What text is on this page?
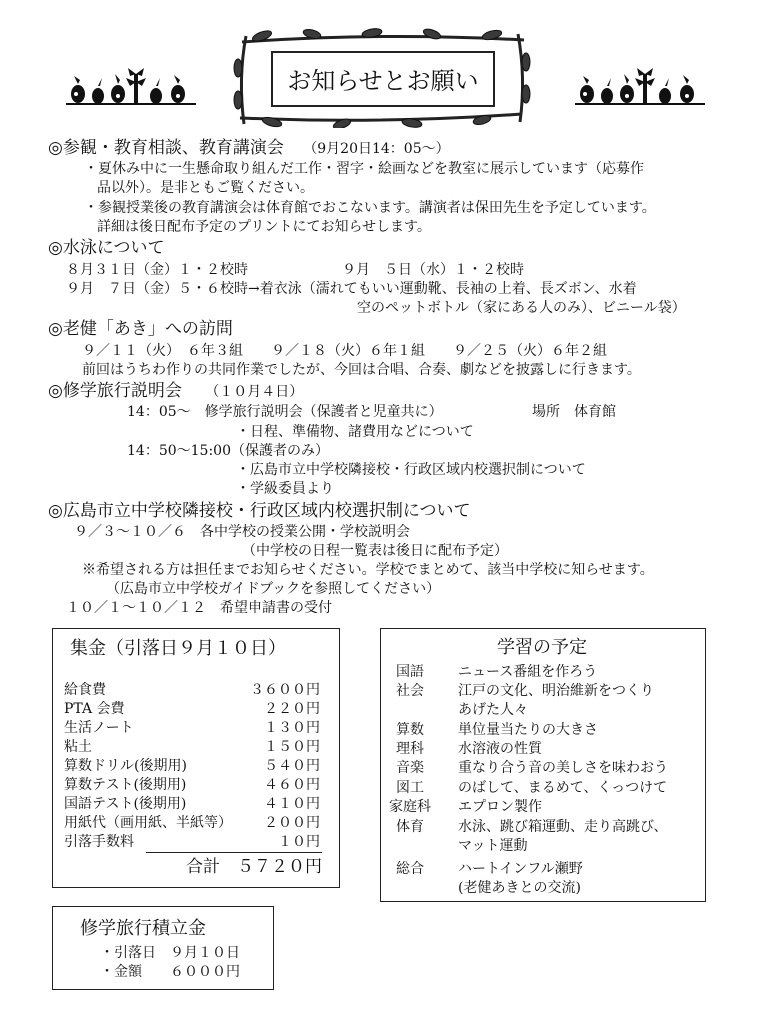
お知らせとお願い
◎参観・教育相談、教育講演会 （9月20日14：05～）
・夏休み中に一生懸命取り組んだ工作・習字・絵画などを教室に展示しています（応募作
品以外）。是非ともご覧ください。
・参観授業後の教育講演会は体育館でおこないます。講演者は保田先生を予定しています。
詳細は後日配布予定のプリントにてお知らせします。
◎水泳について
８月３１日（金）１・２校時	９月　５日（水）１・２校時
９月　７日（金）５・６校時→着衣泳（濡れてもいい運動靴、長袖の上着、長ズボン、水着
空のペットボトル（家にある人のみ）、ビニール袋）
◎老健「あき」への訪問
９／１１（火）　６年３組　　９／１８（火）６年１組　　９／２５（火）６年２組
前回はうちわ作りの共同作業でしたが、今回は合唱、合奏、劇などを披露しに行きます。
◎修学旅行説明会 （１０月４日）
14：05～　修学旅行説明会（保護者と児童共に）	場所　体育館
・日程、準備物、諸費用などについて
14：50～15:00（保護者のみ）
・広島市立中学校隣接校・行政区域内校選択制について
・学級委員より
◎広島市立中学校隣接校・行政区域内校選択制について
９／３～１０／６　各中学校の授業公開・学校説明会
（中学校の日程一覧表は後日に配布予定）
※希望される方は担任までお知らせください。学校でまとめて、該当中学校に知らせます。
（広島市立中学校ガイドブックを参照してください）
１０／１～１０／１２　希望申請書の受付
集金（引落日９月１０日）
給食費	３６００円
PTA 会費	２２０円
生活ノート	１３０円
粘土	１５０円
算数ドリル(後期用)	５４０円
算数テスト(後期用)	４６０円
国語テスト(後期用)	４１０円
用紙代（画用紙、半紙等）	２００円
引落手数料	１０円
合計　５７２０円
修学旅行積立金
・引落日　９月１０日
・金額　　６０００円
学習の予定
国語	ニュース番組を作ろう
社会	江戸の文化、明治維新をつくり
あげた人々
算数	単位量当たりの大きさ
理科	水溶液の性質
音楽	重なり合う音の美しさを味わおう
図工	のばして、まるめて、くっつけて
家庭科	エプロン製作
体育	水泳、跳び箱運動、走り高跳び、
マット運動
総合	ハートインフル瀬野
(老健あきとの交流)
